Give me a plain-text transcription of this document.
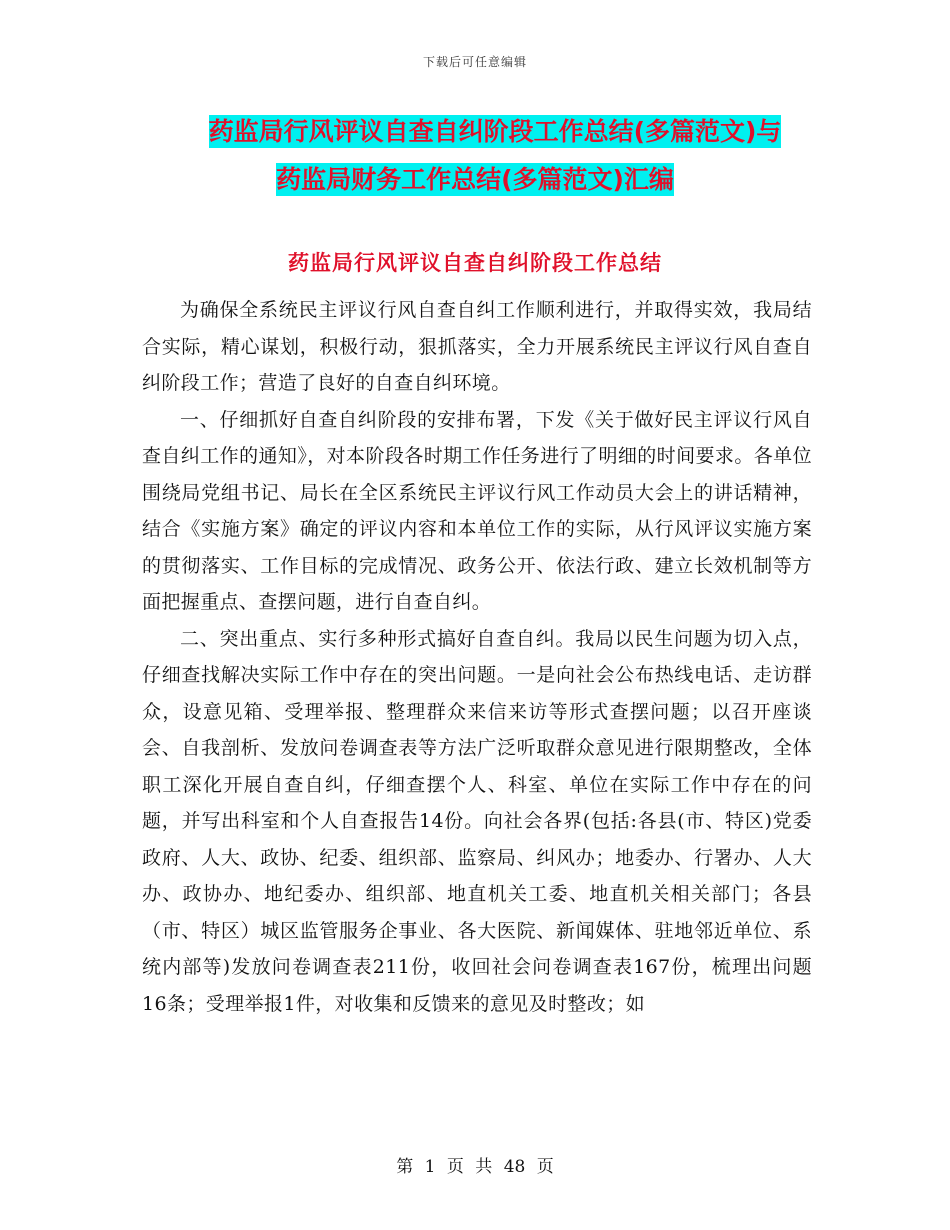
下载后可任意编辑
药监局行风评议自查自纠阶段工作总结(多篇范文)与
药监局财务工作总结(多篇范文)汇编
药监局行风评议自查自纠阶段工作总结

为确保全系统民主评议行风自查自纠工作顺利进行，并取得实效，我局结合实际，精心谋划，积极行动，狠抓落实，全力开展系统民主评议行风自查自纠阶段工作；营造了良好的自查自纠环境。

一、仔细抓好自查自纠阶段的安排布署，下发《关于做好民主评议行风自查自纠工作的通知》，对本阶段各时期工作任务进行了明细的时间要求。各单位围绕局党组书记、局长在全区系统民主评议行风工作动员大会上的讲话精神，结合《实施方案》确定的评议内容和本单位工作的实际，从行风评议实施方案的贯彻落实、工作目标的完成情况、政务公开、依法行政、建立长效机制等方面把握重点、查摆问题，进行自查自纠。

二、突出重点、实行多种形式搞好自查自纠。我局以民生问题为切入点，仔细查找解决实际工作中存在的突出问题。一是向社会公布热线电话、走访群众，设意见箱、受理举报、整理群众来信来访等形式查摆问题；以召开座谈会、自我剖析、发放问卷调查表等方法广泛听取群众意见进行限期整改，全体职工深化开展自查自纠，仔细查摆个人、科室、单位在实际工作中存在的问题，并写出科室和个人自查报告14份。向社会各界(包括:各县(市、特区)党委政府、人大、政协、纪委、组织部、监察局、纠风办；地委办、行署办、人大办、政协办、地纪委办、组织部、地直机关工委、地直机关相关部门；各县（市、特区）城区监管服务企事业、各大医院、新闻媒体、驻地邻近单位、系统内部等)发放问卷调查表211份，收回社会问卷调查表167份，梳理出问题16条；受理举报1件，对收集和反馈来的意见及时整改；如

第 1 页 共 48 页
